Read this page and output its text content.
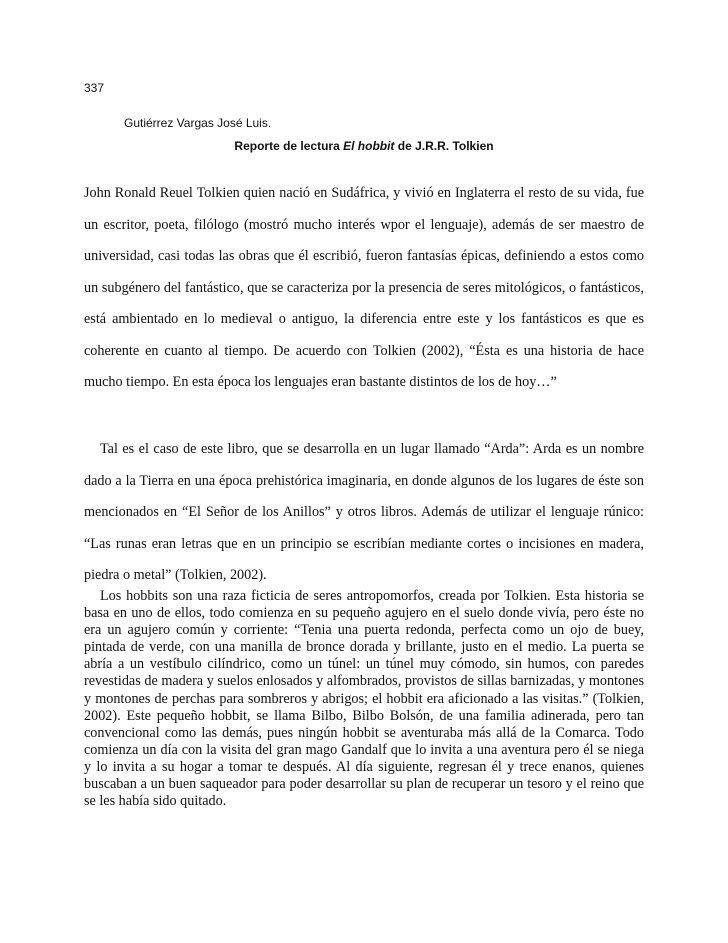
337
Gutiérrez Vargas José Luis.
Reporte de lectura El hobbit de J.R.R. Tolkien

John Ronald Reuel Tolkien quien nació en Sudáfrica, y vivió en Inglaterra el resto de su vida, fue un escritor, poeta, filólogo (mostró mucho interés wpor el lenguaje), además de ser maestro de universidad, casi todas las obras que él escribió, fueron fantasías épicas, definiendo a estos como un subgénero del fantástico, que se caracteriza por la presencia de seres mitológicos, o fantásticos, está ambientado en lo medieval o antiguo, la diferencia entre este y los fantásticos es que es coherente en cuanto al tiempo. De acuerdo con Tolkien (2002), “Ésta es una historia de hace mucho tiempo. En esta época los lenguajes eran bastante distintos de los de hoy…”

Tal es el caso de este libro, que se desarrolla en un lugar llamado “Arda”: Arda es un nombre dado a la Tierra en una época prehistórica imaginaria, en donde algunos de los lugares de éste son mencionados en “El Señor de los Anillos” y otros libros. Además de utilizar el lenguaje rúnico: “Las runas eran letras que en un principio se escribían mediante cortes o incisiones en madera, piedra o metal” (Tolkien, 2002).

Los hobbits son una raza ficticia de seres antropomorfos, creada por Tolkien. Esta historia se basa en uno de ellos, todo comienza en su pequeño agujero en el suelo donde vivía, pero éste no era un agujero común y corriente: “Tenia una puerta redonda, perfecta como un ojo de buey, pintada de verde, con una manilla de bronce dorada y brillante, justo en el medio. La puerta se abría a un vestíbulo cilíndrico, como un túnel: un túnel muy cómodo, sin humos, con paredes revestidas de madera y suelos enlosados y alfombrados, provistos de sillas barnizadas, y montones y montones de perchas para sombreros y abrigos; el hobbit era aficionado a las visitas.” (Tolkien, 2002). Este pequeño hobbit, se llama Bilbo, Bilbo Bolsón, de una familia adinerada, pero tan convencional como las demás, pues ningún hobbit se aventuraba más allá de la Comarca. Todo comienza un día con la visita del gran mago Gandalf que lo invita a una aventura pero él se niega y lo invita a su hogar a tomar te después. Al día siguiente, regresan él y trece enanos, quienes buscaban a un buen saqueador para poder desarrollar su plan de recuperar un tesoro y el reino que se les había sido quitado.
